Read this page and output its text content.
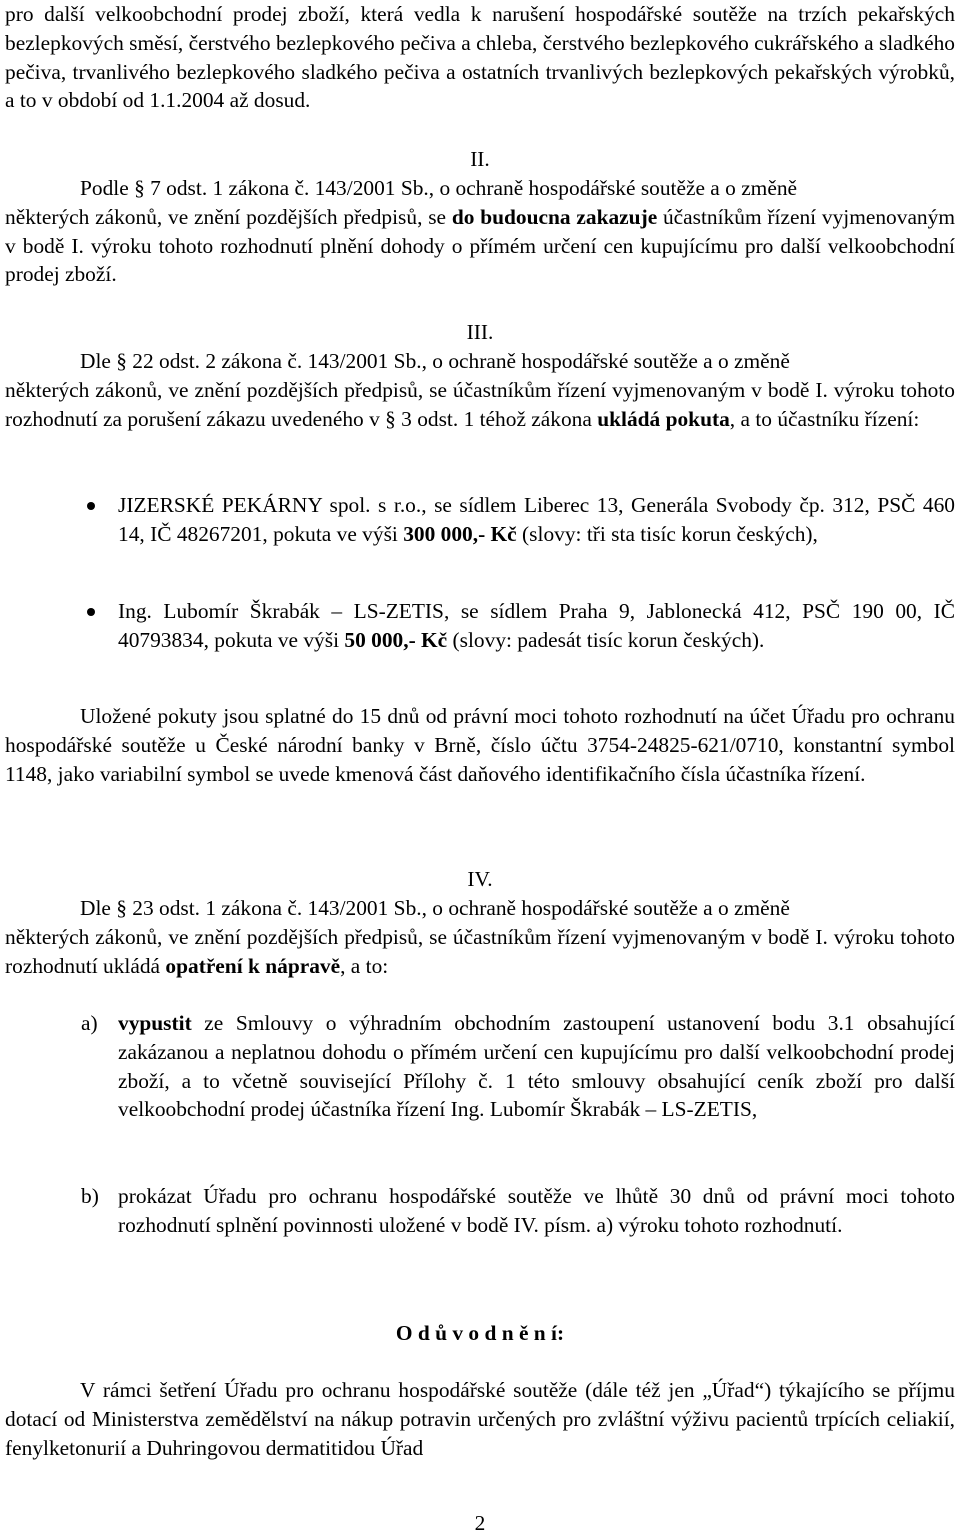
pro další velkoobchodní prodej zboží, která vedla k narušení hospodářské soutěže na trzích pekařských bezlepkových směsí, čerstvého bezlepkového pečiva a chleba, čerstvého bezlepkového cukrářského a sladkého pečiva, trvanlivého bezlepkového sladkého pečiva a ostatních trvanlivých bezlepkových pekařských výrobků, a to v období od 1.1.2004 až dosud.

II.

Podle § 7 odst. 1 zákona č. 143/2001 Sb., o ochraně hospodářské soutěže a o změně

některých zákonů, ve znění pozdějších předpisů, se do budoucna zakazuje účastníkům řízení vyjmenovaným v bodě I. výroku tohoto rozhodnutí plnění dohody o přímém určení cen kupujícímu pro další velkoobchodní prodej zboží.

III.

Dle § 22 odst. 2 zákona č. 143/2001 Sb., o ochraně hospodářské soutěže a o změně

některých zákonů, ve znění pozdějších předpisů, se účastníkům řízení vyjmenovaným v bodě I. výroku tohoto rozhodnutí za porušení zákazu uvedeného v § 3 odst. 1 téhož zákona ukládá pokuta, a to účastníku řízení:

JIZERSKÉ PEKÁRNY spol. s r.o., se sídlem Liberec 13, Generála Svobody čp. 312, PSČ 460 14, IČ 48267201, pokuta ve výši 300 000,- Kč (slovy: tři sta tisíc korun českých),
Ing. Lubomír Škrabák – LS-ZETIS, se sídlem Praha 9, Jablonecká 412, PSČ 190 00, IČ 40793834, pokuta ve výši 50 000,- Kč (slovy: padesát tisíc korun českých).

Uložené pokuty jsou splatné do 15 dnů od právní moci tohoto rozhodnutí na účet Úřadu pro ochranu hospodářské soutěže u České národní banky v Brně, číslo účtu 3754-24825-621/0710, konstantní symbol 1148, jako variabilní symbol se uvede kmenová část daňového identifikačního čísla účastníka řízení.

IV.

Dle § 23 odst. 1 zákona č. 143/2001 Sb., o ochraně hospodářské soutěže a o změně

některých zákonů, ve znění pozdějších předpisů, se účastníkům řízení vyjmenovaným v bodě I. výroku tohoto rozhodnutí ukládá opatření k nápravě, a to:

a) vypustit ze Smlouvy o výhradním obchodním zastoupení ustanovení bodu 3.1 obsahující zakázanou a neplatnou dohodu o přímém určení cen kupujícímu pro další velkoobchodní prodej zboží, a to včetně související Přílohy č. 1 této smlouvy obsahující ceník zboží pro další velkoobchodní prodej účastníka řízení Ing. Lubomír Škrabák – LS-ZETIS,
b) prokázat Úřadu pro ochranu hospodářské soutěže ve lhůtě 30 dnů od právní moci tohoto rozhodnutí splnění povinnosti uložené v bodě IV. písm. a) výroku tohoto rozhodnutí.
O d ů v o d n ě n í:

V rámci šetření Úřadu pro ochranu hospodářské soutěže (dále též jen „Úřad“) týkajícího se příjmu dotací od Ministerstva zemědělství na nákup potravin určených pro zvláštní výživu pacientů trpících celiakií, fenylketonurií a Duhringovou dermatitidou Úřad

2
